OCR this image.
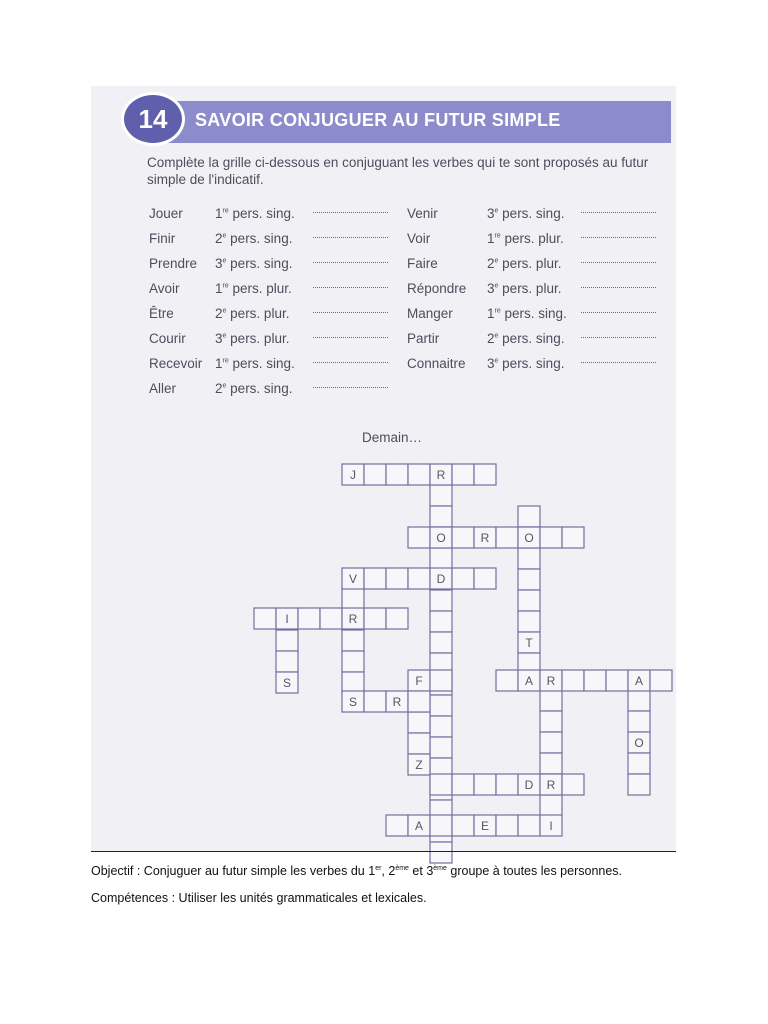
14	SAVOIR CONJUGUER AU FUTUR SIMPLE
Complète la grille ci-dessous en conjuguant les verbes qui te sont proposés au futur simple de l'indicatif.
Jouer 1re pers. sing.
Finir	2e pers. sing.
Prendre 3e pers. sing.
Avoir	1re pers. plur.
Être	2e pers. plur.
Courir 3e pers. plur.
Recevoir 1re pers. sing.
Aller	2e pers. sing.
Venir	3e pers. sing.
Voir	1re pers. plur.
Faire	2e pers. plur.
Répondre 3e pers. plur.
Manger	1re pers. sing.
Partir	2e pers. sing.
Connaitre 3e pers. sing.
Demain…
T
S
Z
O
J	R
O	R	O
V	D
I	R
F	A R	A
S	R
D R
A	E	I
Objectif : Conjuguer au futur simple les verbes du 1er, 2ème et 3ème groupe à toutes les personnes.
Compétences : Utiliser les unités grammaticales et lexicales.
